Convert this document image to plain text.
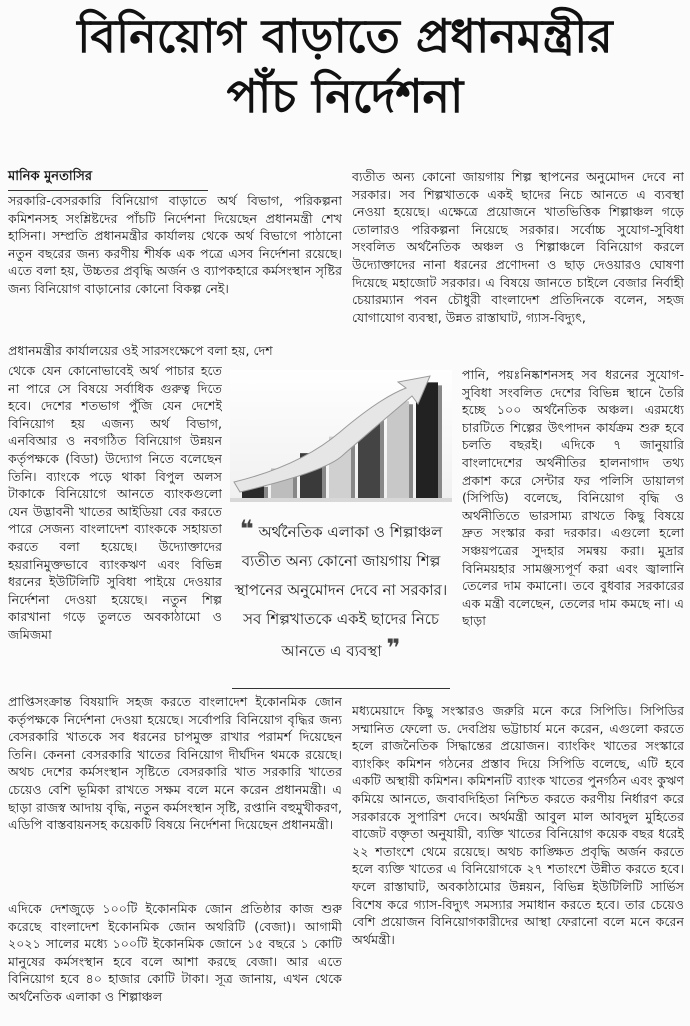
বিনিয়োগ বাড়াতে প্রধানমন্ত্রীর
পাঁচ নির্দেশনা
মানিক মুনতাসির

সরকারি-বেসরকারি বিনিয়োগ বাড়াতে অর্থ বিভাগ, পরিকল্পনা কমিশনসহ সংশ্লিষ্টদের পাঁচটি নির্দেশনা দিয়েছেন প্রধানমন্ত্রী শেখ হাসিনা। সম্প্রতি প্রধানমন্ত্রীর কার্যালয় থেকে অর্থ বিভাগে পাঠানো নতুন বছরের জন্য করণীয় শীর্ষক এক পত্রে এসব নির্দেশনা রয়েছে। এতে বলা হয়, উচ্চতর প্রবৃদ্ধি অর্জন ও ব্যাপকহারে কর্মসংস্থান সৃষ্টির জন্য বিনিয়োগ বাড়ানোর কোনো বিকল্প নেই।

প্রধানমন্ত্রীর কার্যালয়ের ওই সারসংক্ষেপে বলা হয়, দেশ

থেকে যেন কোনোভাবেই অর্থ পাচার হতে না পারে সে বিষয়ে সর্বাধিক গুরুত্ব দিতে হবে। দেশের শতভাগ পুঁজি যেন দেশেই বিনিয়োগ হয় এজন্য অর্থ বিভাগ, এনবিআর ও নবগঠিত বিনিয়োগ উন্নয়ন কর্তৃপক্ষকে (বিডা) উদ্যোগ নিতে বলেছেন তিনি। ব্যাংকে পড়ে থাকা বিপুল অলস টাকাকে বিনিয়োগে আনতে ব্যাংকগুলো যেন উদ্ভাবনী খাতের আইডিয়া বের করতে পারে সেজন্য বাংলাদেশ ব্যাংককে সহায়তা করতে বলা হয়েছে। উদ্যোক্তাদের হয়রানিমুক্তভাবে ব্যাংকঋণ এবং বিভিন্ন ধরনের ইউটিলিটি সুবিধা পাইয়ে দেওয়ার নির্দেশনা দেওয়া হয়েছে। নতুন শিল্প কারখানা গড়ে তুলতে অবকাঠামো ও জমিজমা

প্রাপ্তিসংক্রান্ত বিষয়াদি সহজ করতে বাংলাদেশ ইকোনমিক জোন কর্তৃপক্ষকে নির্দেশনা দেওয়া হয়েছে। সর্বোপরি বিনিয়োগ বৃদ্ধির জন্য বেসরকারি খাতকে সব ধরনের চাপমুক্ত রাখার পরামর্শ দিয়েছেন তিনি। কেননা বেসরকারি খাতের বিনিয়োগ দীর্ঘদিন থমকে রয়েছে। অথচ দেশের কর্মসংস্থান সৃষ্টিতে বেসরকারি খাত সরকারি খাতের চেয়েও বেশি ভূমিকা রাখতে সক্ষম বলে মনে করেন প্রধানমন্ত্রী। এ ছাড়া রাজস্ব আদায় বৃদ্ধি, নতুন কর্মসংস্থান সৃষ্টি, রপ্তানি বহুমুখীকরণ, এডিপি বাস্তবায়নসহ কয়েকটি বিষয়ে নির্দেশনা দিয়েছেন প্রধানমন্ত্রী।

এদিকে দেশজুড়ে ১০০টি ইকোনমিক জোন প্রতিষ্ঠার কাজ শুরু করেছে বাংলাদেশ ইকোনমিক জোন অথরিটি (বেজা)। আগামী ২০২১ সালের মধ্যে ১০০টি ইকোনমিক জোনে ১৫ বছরে ১ কোটি মানুষের কর্মসংস্থান হবে বলে আশা করছে বেজা। আর এতে বিনিয়োগ হবে ৪০ হাজার কোটি টাকা। সূত্র জানায়, এখন থেকে অর্থনৈতিক এলাকা ও শিল্পাঞ্চল

ব্যতীত অন্য কোনো জায়গায় শিল্প স্থাপনের অনুমোদন দেবে না সরকার। সব শিল্পখাতকে একই ছাদের নিচে আনতে এ ব্যবস্থা নেওয়া হয়েছে। এক্ষেত্রে প্রয়োজনে খাতভিত্তিক শিল্পাঞ্চল গড়ে তোলারও পরিকল্পনা নিয়েছে সরকার। সর্বোচ্চ সুযোগ-সুবিধা সংবলিত অর্থনৈতিক অঞ্চল ও শিল্পাঞ্চলে বিনিয়োগ করলে উদ্যোক্তাদের নানা ধরনের প্রণোদনা ও ছাড় দেওয়ারও ঘোষণা দিয়েছে মহাজোট সরকার। এ বিষয়ে জানতে চাইলে বেজার নির্বাহী চেয়ারম্যান পবন চৌধুরী বাংলাদেশ প্রতিদিনকে বলেন, সহজ যোগাযোগ ব্যবস্থা, উন্নত রাস্তাঘাট, গ্যাস-বিদ্যুৎ,

পানি, পয়ঃনিষ্কাশনসহ সব ধরনের সুযোগ-সুবিধা সংবলিত দেশের বিভিন্ন স্থানে তৈরি হচ্ছে ১০০ অর্থনৈতিক অঞ্চল। এরমধ্যে চারটিতে শিল্পের উৎপাদন কার্যক্রম শুরু হবে চলতি বছরই। এদিকে ৭ জানুয়ারি বাংলাদেশের অর্থনীতির হালনাগাদ তথ্য প্রকাশ করে সেন্টার ফর পলিসি ডায়ালগ (সিপিডি) বলেছে, বিনিয়োগ বৃদ্ধি ও অর্থনীতিতে ভারসাম্য রাখতে কিছু বিষয়ে দ্রুত সংস্কার করা দরকার। এগুলো হলো সঞ্চয়পত্রের সুদহার সমন্বয় করা। মুদ্রার বিনিময়হার সামঞ্জস্যপূর্ণ করা এবং জ্বালানি তেলের দাম কমানো। তবে বুধবার সরকারের এক মন্ত্রী বলেছেন, তেলের দাম কমছে না। এ ছাড়া

মধ্যমেয়াদে কিছু সংস্কারও জরুরি মনে করে সিপিডি। সিপিডির সম্মানিত ফেলো ড. দেবপ্রিয় ভট্টাচার্য মনে করেন, এগুলো করতে হলে রাজনৈতিক সিদ্ধান্তের প্রয়োজন। ব্যাংকিং খাতের সংস্কারে ব্যাংকিং কমিশন গঠনের প্রস্তাব দিয়ে সিপিডি বলেছে, এটি হবে একটি অস্থায়ী কমিশন। কমিশনটি ব্যাংক খাতের পুনর্গঠন এবং কুঋণ কমিয়ে আনতে, জবাবদিহিতা নিশ্চিত করতে করণীয় নির্ধারণ করে সরকারকে সুপারিশ দেবে। অর্থমন্ত্রী আবুল মাল আবদুল মুহিতের বাজেট বক্তৃতা অনুযায়ী, ব্যক্তি খাতের বিনিয়োগ কয়েক বছর ধরেই ২২ শতাংশে থেমে রয়েছে। অথচ কাঙ্ক্ষিত প্রবৃদ্ধি অর্জন করতে হলে ব্যক্তি খাতের এ বিনিয়োগকে ২৭ শতাংশে উন্নীত করতে হবে। ফলে রাস্তাঘাট, অবকাঠামোর উন্নয়ন, বিভিন্ন ইউটিলিটি সার্ভিস বিশেষ করে গ্যাস-বিদ্যুৎ সমস্যার সমাধান করতে হবে। তার চেয়েও বেশি প্রয়োজন বিনিয়োগকারীদের আস্থা ফেরানো বলে মনে করেন অর্থমন্ত্রী।

❝ অর্থনৈতিক এলাকা ও শিল্পাঞ্চল ব্যতীত অন্য কোনো জায়গায় শিল্প স্থাপনের অনুমোদন দেবে না সরকার। সব শিল্পখাতকে একই ছাদের নিচে আনতে এ ব্যবস্থা ❞
